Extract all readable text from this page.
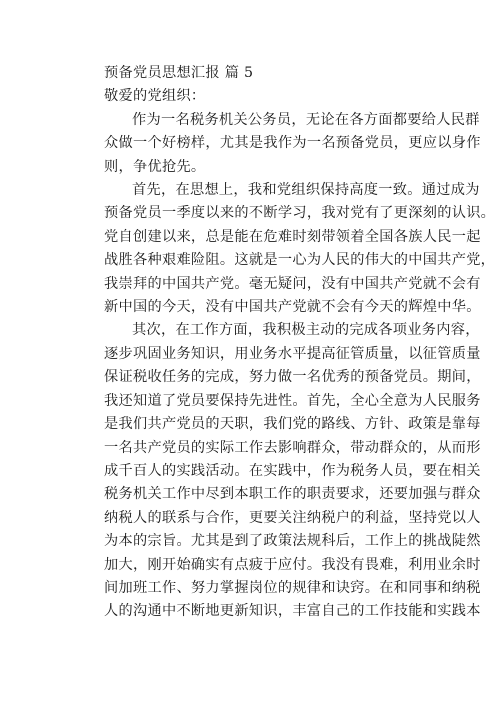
预备党员思想汇报 篇 5
敬爱的党组织：
作为一名税务机关公务员，无论在各方面都要给人民群
众做一个好榜样，尤其是我作为一名预备党员，更应以身作
则，争优抢先。
首先，在思想上，我和党组织保持高度一致。通过成为
预备党员一季度以来的不断学习，我对党有了更深刻的认识。
党自创建以来，总是能在危难时刻带领着全国各族人民一起
战胜各种艰难险阻。这就是一心为人民的伟大的中国共产党，
我崇拜的中国共产党。毫无疑问，没有中国共产党就不会有
新中国的今天，没有中国共产党就不会有今天的辉煌中华。
其次，在工作方面，我积极主动的完成各项业务内容，
逐步巩固业务知识，用业务水平提高征管质量，以征管质量
保证税收任务的完成，努力做一名优秀的预备党员。期间，
我还知道了党员要保持先进性。首先，全心全意为人民服务
是我们共产党员的天职，我们党的路线、方针、政策是靠每
一名共产党员的实际工作去影响群众，带动群众的，从而形
成千百人的实践活动。在实践中，作为税务人员，要在相关
税务机关工作中尽到本职工作的职责要求，还要加强与群众
纳税人的联系与合作，更要关注纳税户的利益，坚持党以人
为本的宗旨。尤其是到了政策法规科后，工作上的挑战陡然
加大，刚开始确实有点疲于应付。我没有畏难，利用业余时
间加班工作、努力掌握岗位的规律和诀窍。在和同事和纳税
人的沟通中不断地更新知识，丰富自己的工作技能和实践本
